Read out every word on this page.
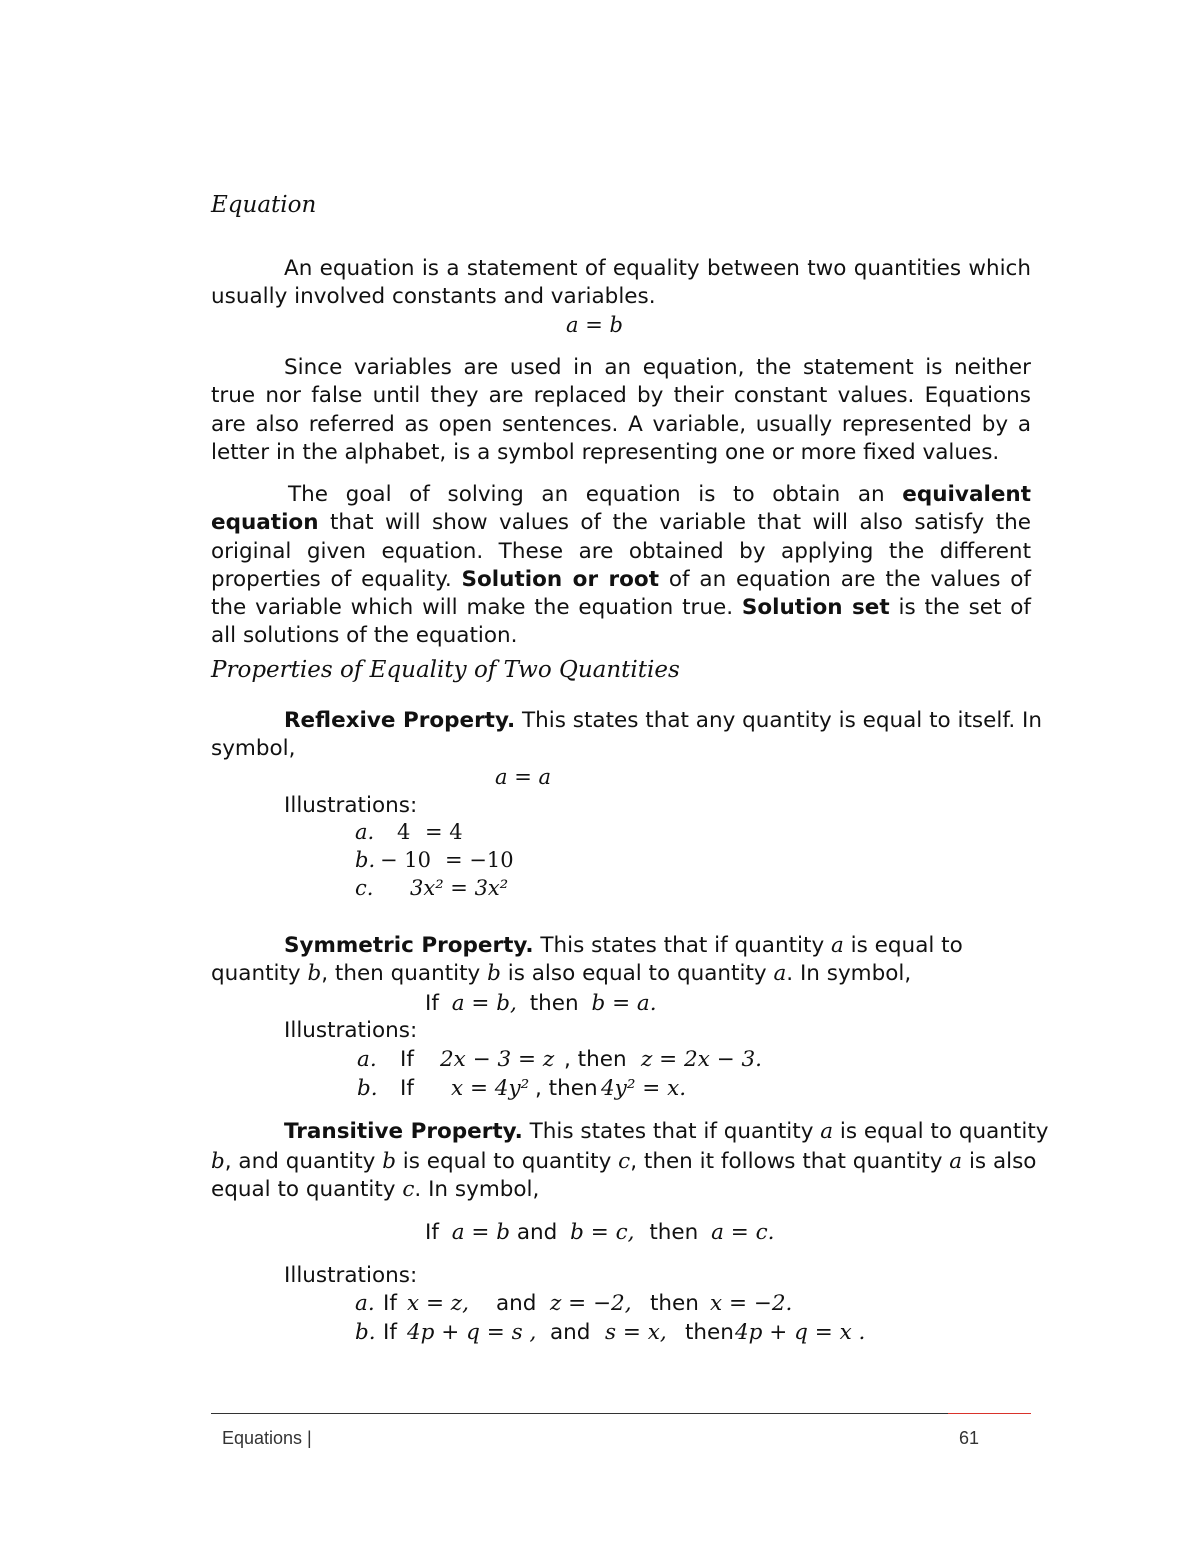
Equation

An equation is a statement of equality between two quantities which usually involved constants and variables.

a = b

Since variables are used in an equation, the statement is neither true nor false until they are replaced by their constant values. Equations are also referred as open sentences. A variable, usually represented by a letter in the alphabet, is a symbol representing one or more fixed values.

The goal of solving an equation is to obtain an equivalent equation that will show values of the variable that will also satisfy the original given equation. These are obtained by applying the different properties of equality. Solution or root of an equation are the values of the variable which will make the equation true. Solution set is the set of all solutions of the equation.

Properties of Equality of Two Quantities
Reflexive Property. This states that any quantity is equal to itself. In
symbol,
a = a
Illustrations:
a. 4 = 4
b. − 10 = −10
c. 3x² = 3x²
Symmetric Property. This states that if quantity a is equal to
quantity b, then quantity b is also equal to quantity a. In symbol,
If a = b, then b = a.
Illustrations:
a. If 2x − 3 = z , then z = 2x − 3.
b. If x = 4y² , then 4y² = x.
Transitive Property. This states that if quantity a is equal to quantity
b, and quantity b is equal to quantity c, then it follows that quantity a is also
equal to quantity c. In symbol,
If a = b and b = c, then a = c.
Illustrations:
a. If x = z, and z = −2, then x = −2.
b. If 4p + q = s , and s = x, then 4p + q = x .
Equations |	61
